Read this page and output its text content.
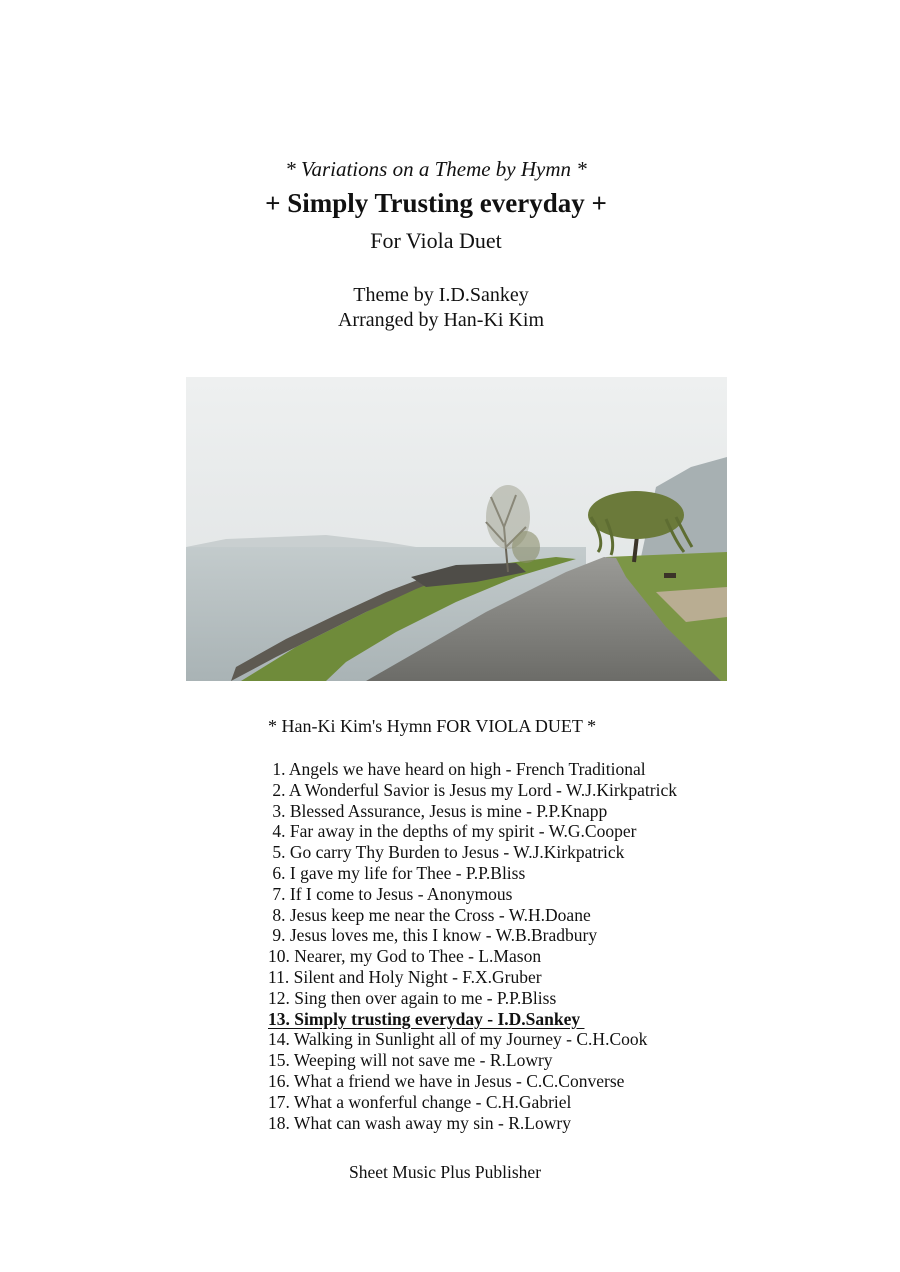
* Variations on a Theme by Hymn *
+ Simply Trusting everyday +
For Viola Duet
Theme by I.D.Sankey
Arranged by Han-Ki Kim
* Han-Ki Kim's Hymn FOR VIOLA DUET *
1. Angels we have heard on high - French Traditional
2. A Wonderful Savior is Jesus my Lord - W.J.Kirkpatrick
3. Blessed Assurance, Jesus is mine - P.P.Knapp
4. Far away in the depths of my spirit - W.G.Cooper
5. Go carry Thy Burden to Jesus - W.J.Kirkpatrick
6. I gave my life for Thee - P.P.Bliss
7. If I come to Jesus - Anonymous
8. Jesus keep me near the Cross - W.H.Doane
9. Jesus loves me, this I know - W.B.Bradbury
10. Nearer, my God to Thee - L.Mason
11. Silent and Holy Night - F.X.Gruber
12. Sing then over again to me - P.P.Bliss
13. Simply trusting everyday - I.D.Sankey
14. Walking in Sunlight all of my Journey - C.H.Cook
15. Weeping will not save me - R.Lowry
16. What a friend we have in Jesus - C.C.Converse
17. What a wonferful change - C.H.Gabriel
18. What can wash away my sin - R.Lowry
Sheet Music Plus Publisher
